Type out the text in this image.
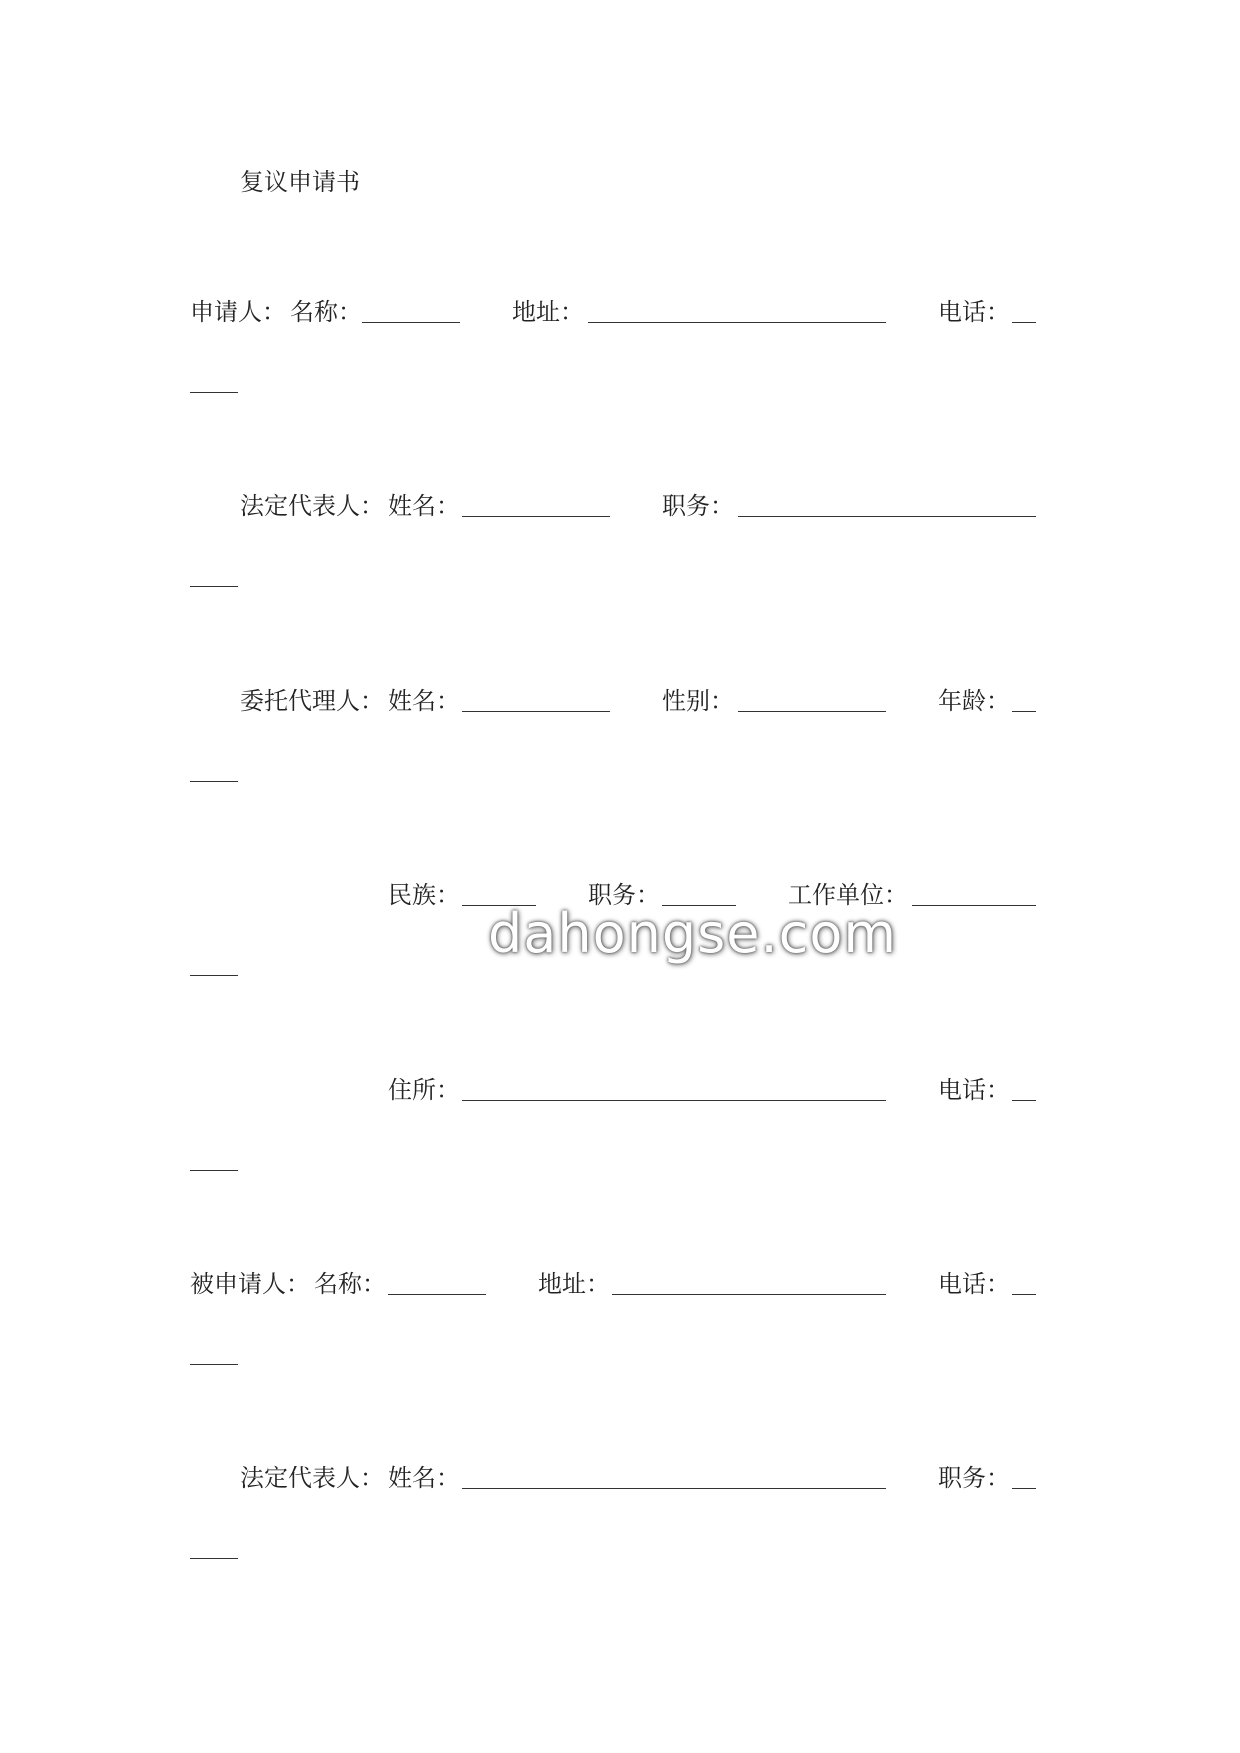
复议申请书
申请人： 名称：	地址：	电话：
法定代表人： 姓名：	职务：
委托代理人： 姓名：	性别：	年龄：
民族：	职务：	工作单位：
住所：	电话：
被申请人： 名称：	地址：	电话：
法定代表人： 姓名：	职务：
dahongse.com
